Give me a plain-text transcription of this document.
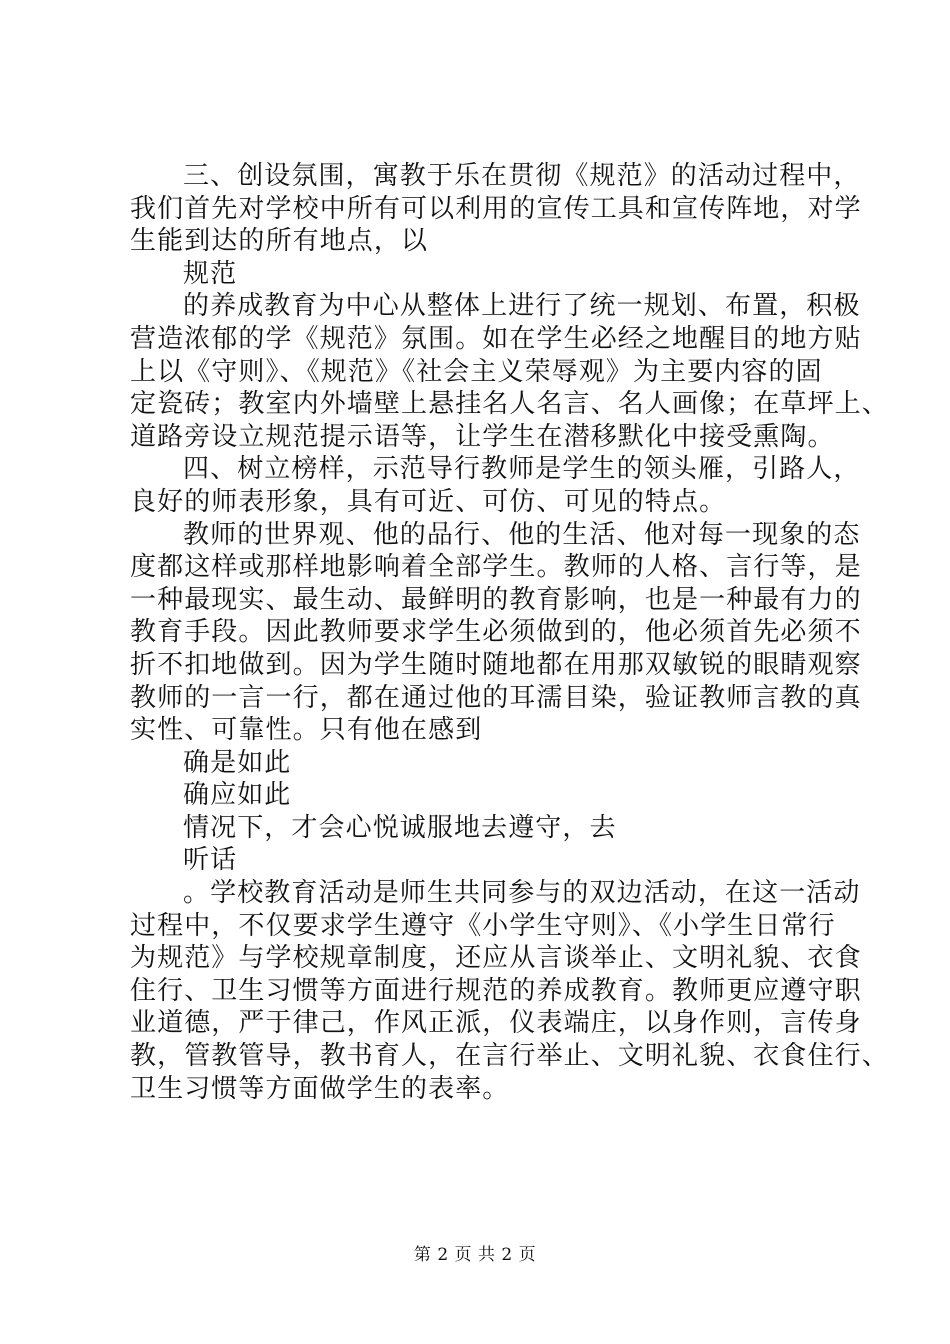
三、创设氛围，寓教于乐在贯彻《规范》的活动过程中，
我们首先对学校中所有可以利用的宣传工具和宣传阵地，对学
生能到达的所有地点，以
规范
的养成教育为中心从整体上进行了统一规划、布置，积极
营造浓郁的学《规范》氛围。如在学生必经之地醒目的地方贴
上以《守则》、《规范》《社会主义荣辱观》为主要内容的固
定瓷砖；教室内外墙壁上悬挂名人名言、名人画像；在草坪上、
道路旁设立规范提示语等，让学生在潜移默化中接受熏陶。
四、树立榜样，示范导行教师是学生的领头雁，引路人，
良好的师表形象，具有可近、可仿、可见的特点。
教师的世界观、他的品行、他的生活、他对每一现象的态
度都这样或那样地影响着全部学生。教师的人格、言行等，是
一种最现实、最生动、最鲜明的教育影响，也是一种最有力的
教育手段。因此教师要求学生必须做到的，他必须首先必须不
折不扣地做到。因为学生随时随地都在用那双敏锐的眼睛观察
教师的一言一行，都在通过他的耳濡目染，验证教师言教的真
实性、可靠性。只有他在感到
确是如此
确应如此
情况下，才会心悦诚服地去遵守，去
听话
。学校教育活动是师生共同参与的双边活动，在这一活动
过程中，不仅要求学生遵守《小学生守则》、《小学生日常行
为规范》与学校规章制度，还应从言谈举止、文明礼貌、衣食
住行、卫生习惯等方面进行规范的养成教育。教师更应遵守职
业道德，严于律己，作风正派，仪表端庄，以身作则，言传身
教，管教管导，教书育人，在言行举止、文明礼貌、衣食住行、
卫生习惯等方面做学生的表率。
第 2 页 共 2 页
